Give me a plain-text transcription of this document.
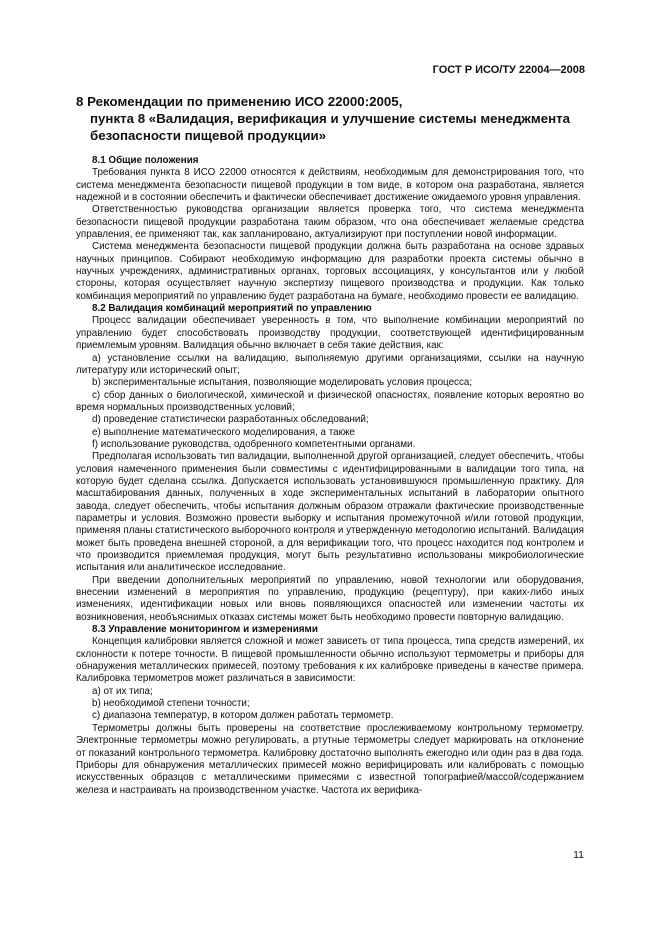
ГОСТ Р ИСО/ТУ 22004—2008
8 Рекомендации по применению ИСО 22000:2005,
пункта 8 «Валидация, верификация и улучшение системы менеджмента
безопасности пищевой продукции»

8.1 Общие положения

Требования пункта 8 ИСО 22000 относятся к действиям, необходимым для демонстрирования того, что система менеджмента безопасности пищевой продукции в том виде, в котором она разработана, является надежной и в состоянии обеспечить и фактически обеспечивает достижение ожидаемого уровня управления.

Ответственностью руководства организации является проверка того, что система менеджмента безопасности пищевой продукции разработана таким образом, что она обеспечивает желаемые средства управления, ее применяют так, как запланировано, актуализируют при поступлении новой информации.

Система менеджмента безопасности пищевой продукции должна быть разработана на основе здравых научных принципов. Собирают необходимую информацию для разработки проекта системы обычно в научных учреждениях, административных органах, торговых ассоциациях, у консультантов или у любой стороны, которая осуществляет научную экспертизу пищевого производства и продукции. Как только комбинация мероприятий по управлению будет разработана на бумаге, необходимо провести ее валидацию.

8.2 Валидация комбинаций мероприятий по управлению

Процесс валидации обеспечивает уверенность в том, что выполнение комбинации мероприятий по управлению будет способствовать производству продукции, соответствующей идентифицированным приемлемым уровням. Валидация обычно включает в себя такие действия, как:

a) установление ссылки на валидацию, выполняемую другими организациями, ссылки на научную литературу или исторический опыт;

b) экспериментальные испытания, позволяющие моделировать условия процесса;

c) сбор данных о биологической, химической и физической опасностях, появление которых вероятно во время нормальных производственных условий;

d) проведение статистически разработанных обследований;

e) выполнение математического моделирования, а также

f) использование руководства, одобренного компетентными органами.

Предполагая использовать тип валидации, выполненной другой организацией, следует обеспечить, чтобы условия намеченного применения были совместимы с идентифицированными в валидации того типа, на которую будет сделана ссылка. Допускается использовать установившуюся промышленную практику. Для масштабирования данных, полученных в ходе экспериментальных испытаний в лаборатории опытного завода, следует обеспечить, чтобы испытания должным образом отражали фактические производственные параметры и условия. Возможно провести выборку и испытания промежуточной и/или готовой продукции, применяя планы статистического выборочного контроля и утвержденную методологию испытаний. Валидация может быть проведена внешней стороной, а для верификации того, что процесс находится под контролем и что производится приемлемая продукция, могут быть результативно использованы микробиологические испытания или аналитическое исследование.

При введении дополнительных мероприятий по управлению, новой технологии или оборудования, внесении изменений в мероприятия по управлению, продукцию (рецептуру), при каких-либо иных изменениях, идентификации новых или вновь появляющихся опасностей или изменении частоты их возникновения, необъяснимых отказах системы может быть необходимо провести повторную валидацию.

8.3 Управление мониторингом и измерениями

Концепция калибровки является сложной и может зависеть от типа процесса, типа средств измерений, их склонности к потере точности. В пищевой промышленности обычно используют термометры и приборы для обнаружения металлических примесей, поэтому требования к их калибровке приведены в качестве примера. Калибровка термометров может различаться в зависимости:

a) от их типа;

b) необходимой степени точности;

c) диапазона температур, в котором должен работать термометр.

Термометры должны быть проверены на соответствие прослеживаемому контрольному термометру. Электронные термометры можно регулировать, а ртутные термометры следует маркировать на отклонение от показаний контрольного термометра. Калибровку достаточно выполнять ежегодно или один раз в два года. Приборы для обнаружения металлических примесей можно верифицировать или калибровать с помощью искусственных образцов с металлическими примесями с известной топографией/массой/содержанием железа и настраивать на производственном участке. Частота их верифика-

11
